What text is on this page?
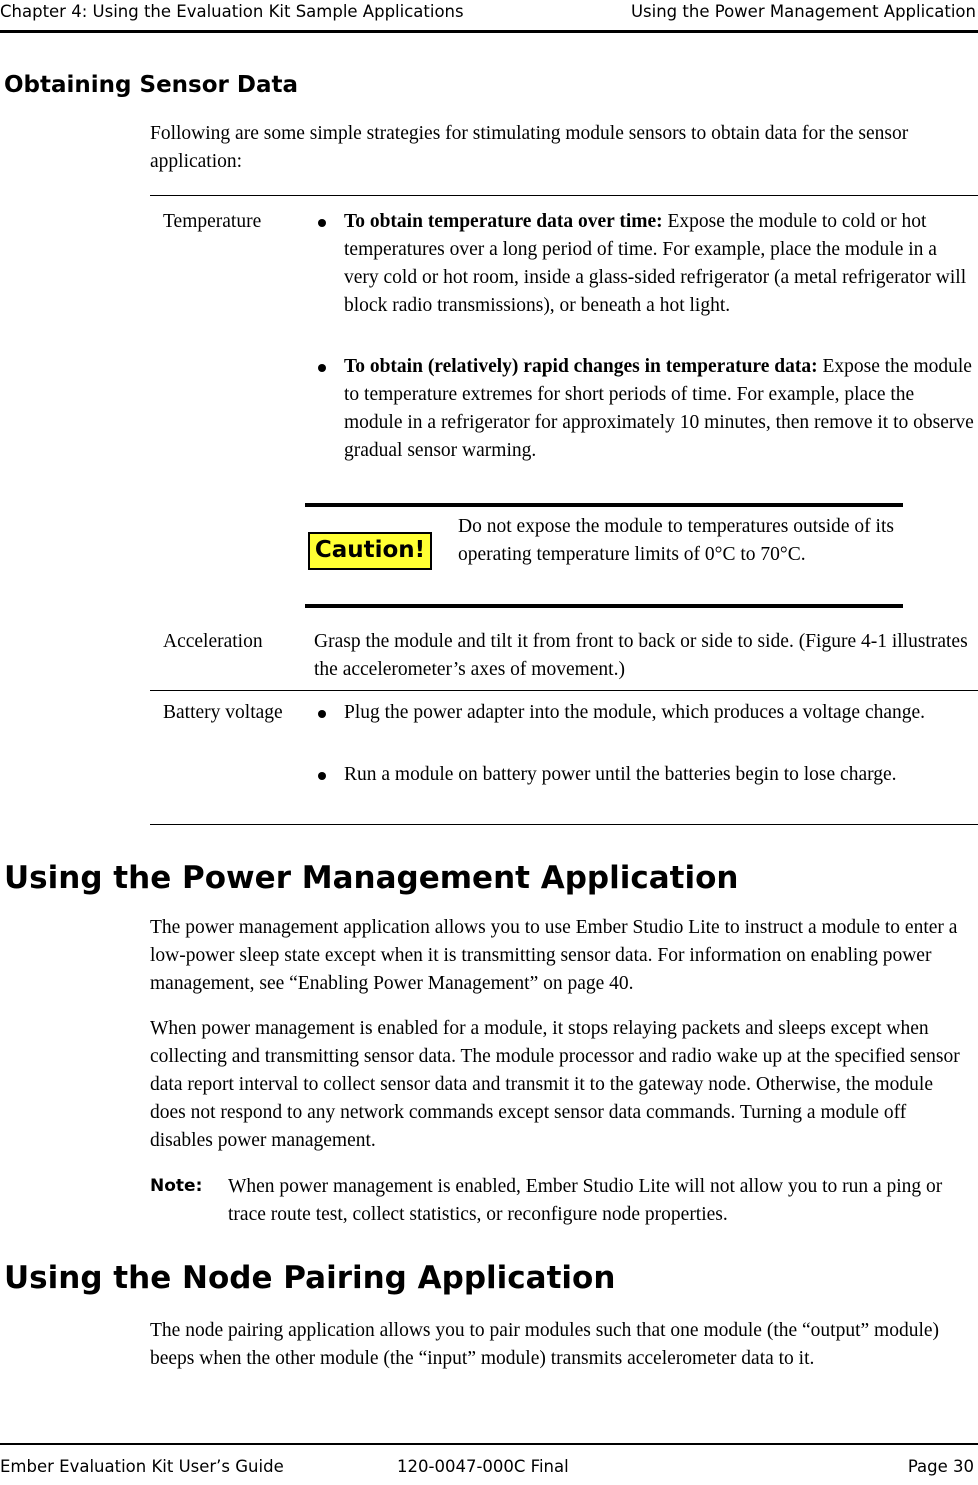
Chapter 4: Using the Evaluation Kit Sample Applications	Using the Power Management Application
Obtaining Sensor Data
Following are some simple strategies for stimulating module sensors to obtain data for the sensor application:
Temperature	To obtain temperature data over time: Expose the module to cold or hot temperatures over a long period of time. For example, place the module in a very cold or hot room, inside a glass-sided refrigerator (a metal refrigerator will block radio transmissions), or beneath a hot light.
To obtain (relatively) rapid changes in temperature data: Expose the module to temperature extremes for short periods of time. For example, place the module in a refrigerator for approximately 10 minutes, then remove it to observe gradual sensor warming.
Caution!
Do not expose the module to temperatures outside of its operating temperature limits of 0°C to 70°C.
Acceleration	Grasp the module and tilt it from front to back or side to side. (Figure 4-1 illustrates the accelerometer’s axes of movement.)
Battery voltage	Plug the power adapter into the module, which produces a voltage change.
Run a module on battery power until the batteries begin to lose charge.
Using the Power Management Application
The power management application allows you to use Ember Studio Lite to instruct a module to enter a low-power sleep state except when it is transmitting sensor data. For information on enabling power management, see “Enabling Power Management” on page 40.
When power management is enabled for a module, it stops relaying packets and sleeps except when collecting and transmitting sensor data. The module processor and radio wake up at the specified sensor data report interval to collect sensor data and transmit it to the gateway node. Otherwise, the module does not respond to any network commands except sensor data commands. Turning a module off disables power management.
Note: When power management is enabled, Ember Studio Lite will not allow you to run a ping or trace route test, collect statistics, or reconfigure node properties.
Using the Node Pairing Application
The node pairing application allows you to pair modules such that one module (the “output” module) beeps when the other module (the “input” module) transmits accelerometer data to it.
Ember Evaluation Kit User’s Guide	120-0047-000C Final	Page 30
